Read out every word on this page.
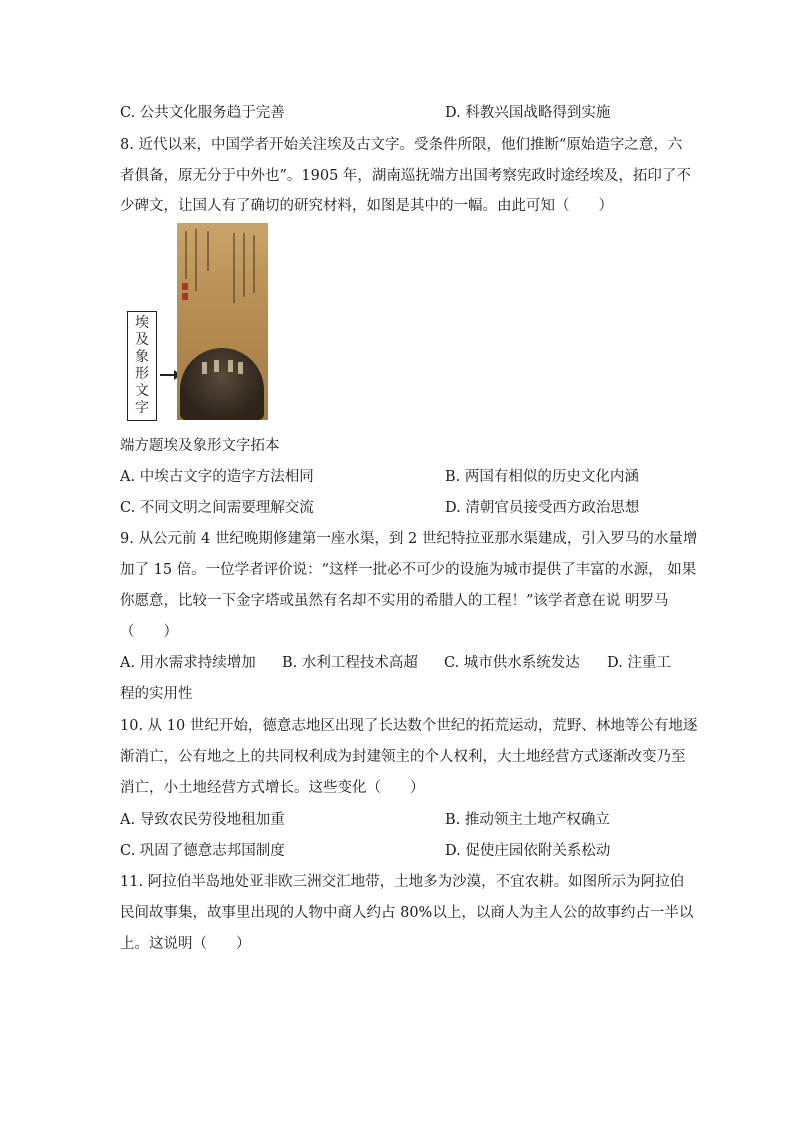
C. 公共文化服务趋于完善	D. 科教兴国战略得到实施
8. 近代以来，中国学者开始关注埃及古文字。受条件所限，他们推断“原始造字之意，六
者俱备，原无分于中外也”。1905 年，湖南巡抚端方出国考察宪政时途经埃及，拓印了不
少碑文，让国人有了确切的研究材料，如图是其中的一幅。由此可知（　　）
埃
及
象
形
文
字
端方题埃及象形文字拓本
A. 中埃古文字的造字方法相同	B. 两国有相似的历史文化内涵
C. 不同文明之间需要理解交流	D. 清朝官员接受西方政治思想
9. 从公元前 4 世纪晚期修建第一座水渠，到 2 世纪特拉亚那水渠建成，引入罗马的水量增
加了 15 倍。一位学者评价说：“这样一批必不可少的设施为城市提供了丰富的水源， 如果
你愿意，比较一下金字塔或虽然有名却不实用的希腊人的工程！”该学者意在说 明罗马
（　　）
A. 用水需求持续增加 B. 水利工程技术高超 C. 城市供水系统发达 D. 注重工
程的实用性
10. 从 10 世纪开始，德意志地区出现了长达数个世纪的拓荒运动，荒野、林地等公有地逐
渐消亡，公有地之上的共同权利成为封建领主的个人权利，大土地经营方式逐渐改变乃至
消亡，小土地经营方式增长。这些变化（　　）
A. 导致农民劳役地租加重	B. 推动领主土地产权确立
C. 巩固了德意志邦国制度	D. 促使庄园依附关系松动
11. 阿拉伯半岛地处亚非欧三洲交汇地带，土地多为沙漠，不宜农耕。如图所示为阿拉伯
民间故事集，故事里出现的人物中商人约占 80%以上，以商人为主人公的故事约占一半以
上。这说明（　　）
